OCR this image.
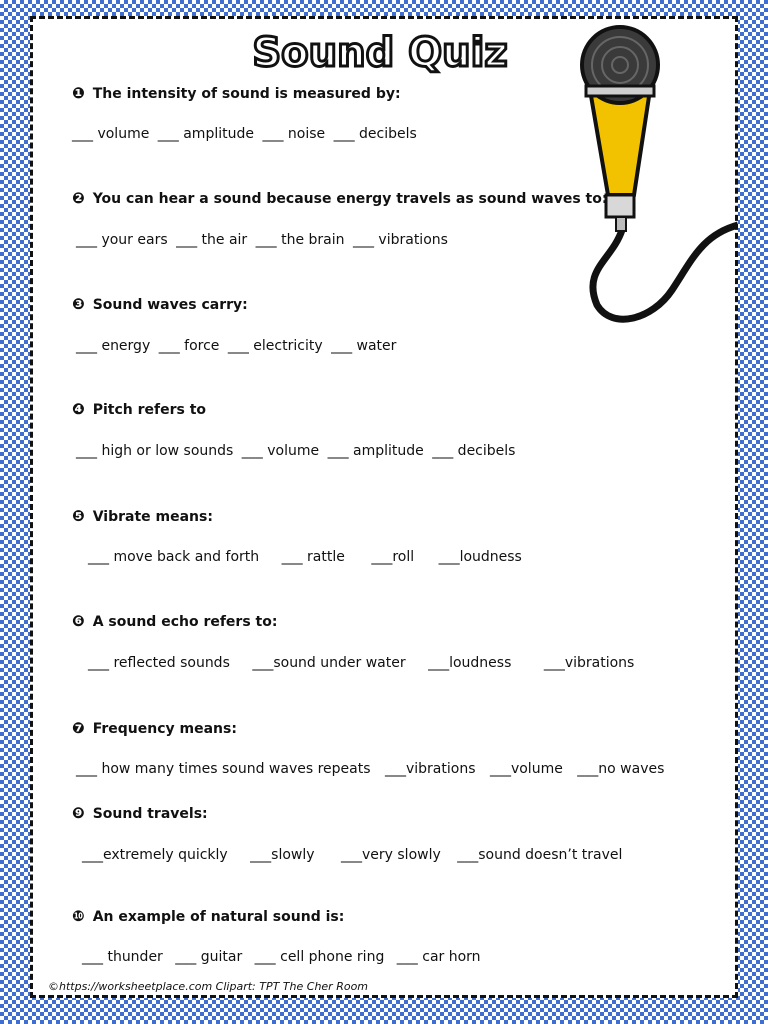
Sound Quiz
❶ The intensity of sound is measured by:
___ volume ___ amplitude ___ noise ___ decibels
❷ You can hear a sound because energy travels as sound waves to:
___ your ears ___ the air ___ the brain ___ vibrations
❸ Sound waves carry:
___ energy ___ force ___ electricity ___ water
❹ Pitch refers to
___ high or low sounds ___ volume ___ amplitude ___ decibels
❺ Vibrate means:
___ move back and forth ___ rattle ___roll ___loudness
❻ A sound echo refers to:
___ reflected sounds ___sound under water ___loudness ___vibrations
❼ Frequency means:
___ how many times sound waves repeats ___vibrations ___volume ___no waves
❾ Sound travels:
___extremely quickly ___slowly ___very slowly ___sound doesn’t travel
❿ An example of natural sound is:
___ thunder ___ guitar ___ cell phone ring ___ car horn
©https://worksheetplace.com Clipart: TPT The Cher Room
